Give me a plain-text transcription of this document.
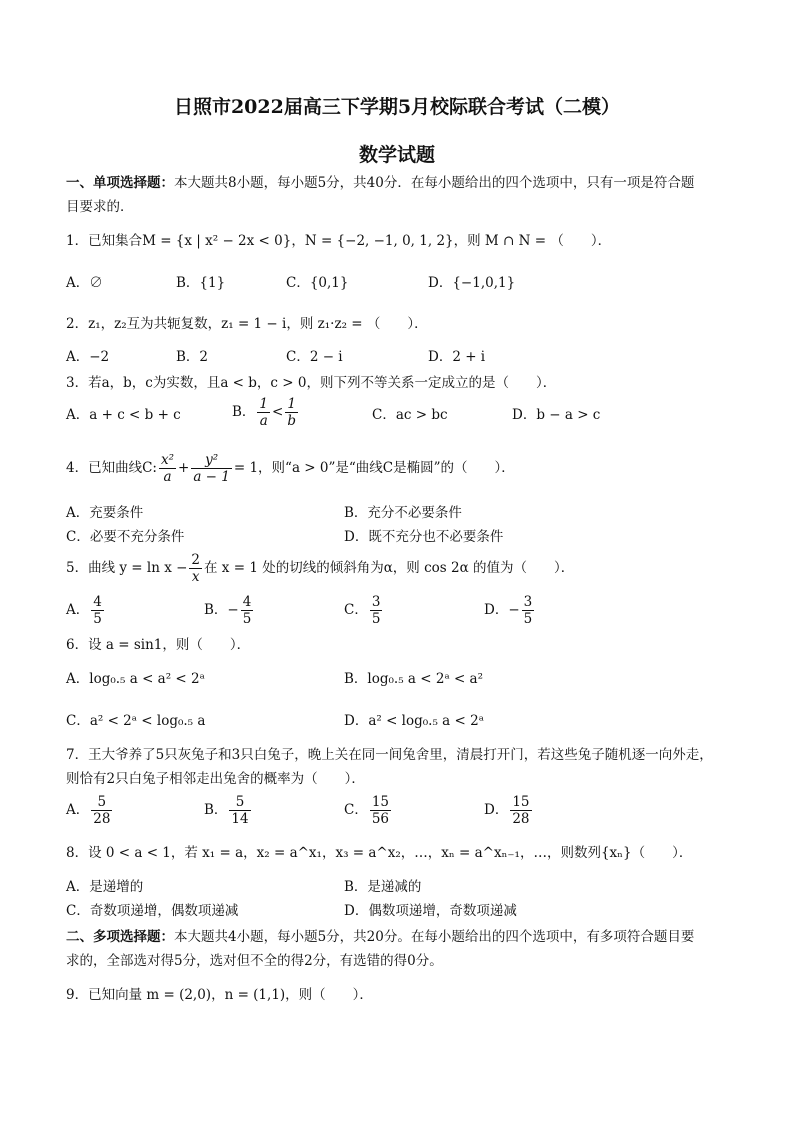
日照市2022届高三下学期5月校际联合考试（二模）
数学试题
一、单项选择题：本大题共8小题，每小题5分，共40分．在每小题给出的四个选项中，只有一项是符合题
目要求的．
1．已知集合M = {x | x² − 2x < 0}，N = {−2, −1, 0, 1, 2}，则 M ∩ N = （　　）．
A．∅	B．{1}	C．{0,1}	D．{−1,0,1}
2．z₁，z₂互为共轭复数，z₁ = 1 − i，则 z₁·z₂ = （　　）．
A．−2	B．2	C．2 − i	D．2 + i
3．若a，b，c为实数，且a < b，c > 0，则下列不等关系一定成立的是（　　）．
A．a + c < b + c	B． $\frac{1}{a} < \frac{1}{b}$	C．ac > bc	D．b − a > c
4．已知曲线C: $\frac{\text{x²}}{a} + \frac{\text{y²}}{a - 1} = 1$，则“a > 0”是“曲线C是椭圆”的（　　）．
A．充要条件	B．充分不必要条件
C．必要不充分条件	D．既不充分也不必要条件
5．曲线 $y = \ln x - \frac{2}{x}$ 在 x = 1 处的切线的倾斜角为α，则 cos 2α 的值为（　　）．
A． $\frac{4}{5}$	B．− $\frac{4}{5}$	C． $\frac{3}{5}$	D．− $\frac{3}{5}$
6．设 a = sin1，则（　　）．
A．log₀.₅ a < a² < 2ᵃ	B．log₀.₅ a < 2ᵃ < a²
C．a² < 2ᵃ < log₀.₅ a	D．a² < log₀.₅ a < 2ᵃ
7．王大爷养了5只灰兔子和3只白兔子，晚上关在同一间兔舍里，清晨打开门，若这些兔子随机逐一向外走，
则恰有2只白兔子相邻走出兔舍的概率为（　　）．
A． $\frac{5}{28}$	B． $\frac{5}{14}$	C． $\frac{15}{56}$	D． $\frac{15}{28}$
8．设 0 < a < 1，若 x₁ = a，x₂ = a^x₁，x₃ = a^x₂，…，xₙ = a^xₙ₋₁，…，则数列{xₙ}（　　）．
A．是递增的	B．是递减的
C．奇数项递增，偶数项递减	D．偶数项递增，奇数项递减
二、多项选择题：本大题共4小题，每小题5分，共20分。在每小题给出的四个选项中，有多项符合题目要
求的，全部选对得5分，选对但不全的得2分，有选错的得0分。
9．已知向量 m = (2,0)，n = (1,1)，则（　　）．
